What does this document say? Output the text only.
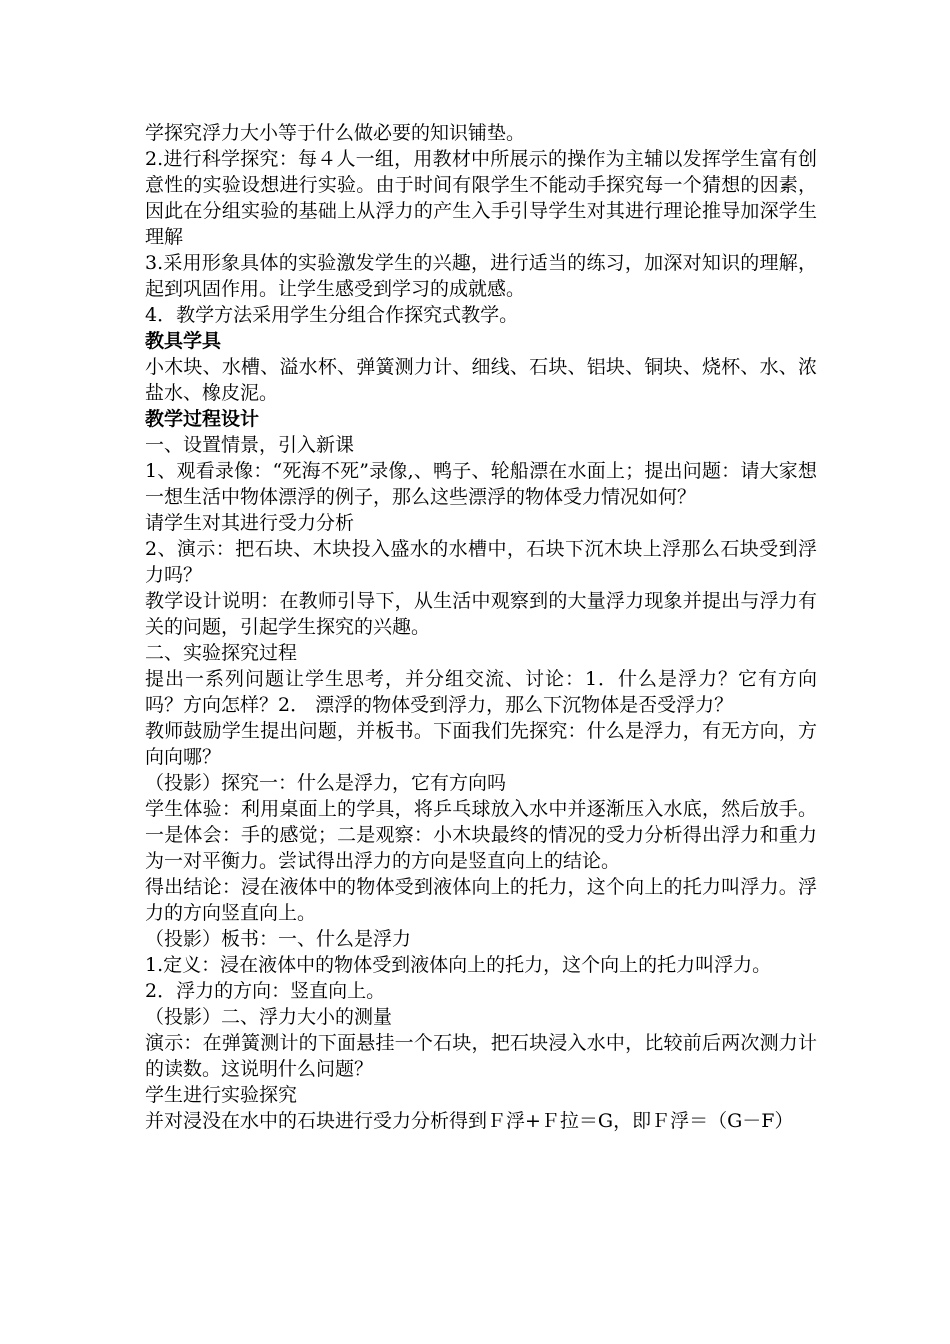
学探究浮力大小等于什么做必要的知识铺垫。

2.进行科学探究：每４人一组，用教材中所展示的操作为主辅以发挥学生富有创意性的实验设想进行实验。由于时间有限学生不能动手探究每一个猜想的因素，因此在分组实验的基础上从浮力的产生入手引导学生对其进行理论推导加深学生理解

3.采用形象具体的实验激发学生的兴趣，进行适当的练习，加深对知识的理解，起到巩固作用。让学生感受到学习的成就感。

4．教学方法采用学生分组合作探究式教学。

教具学具

小木块、水槽、溢水杯、弹簧测力计、细线、石块、铝块、铜块、烧杯、水、浓盐水、橡皮泥。

教学过程设计

一、设置情景，引入新课

1、观看录像：“死海不死”录像,、鸭子、轮船漂在水面上；提出问题：请大家想一想生活中物体漂浮的例子，那么这些漂浮的物体受力情况如何？

请学生对其进行受力分析

2、演示：把石块、木块投入盛水的水槽中，石块下沉木块上浮那么石块受到浮力吗？

教学设计说明：在教师引导下，从生活中观察到的大量浮力现象并提出与浮力有关的问题，引起学生探究的兴趣。

二、实验探究过程

提出一系列问题让学生思考，并分组交流、讨论：1．什么是浮力？它有方向吗？方向怎样？2． 漂浮的物体受到浮力，那么下沉物体是否受浮力？

教师鼓励学生提出问题，并板书。下面我们先探究：什么是浮力，有无方向，方向向哪？

（投影）探究一：什么是浮力，它有方向吗

学生体验：利用桌面上的学具，将乒乓球放入水中并逐渐压入水底，然后放手。一是体会：手的感觉；二是观察：小木块最终的情况的受力分析得出浮力和重力为一对平衡力。尝试得出浮力的方向是竖直向上的结论。

得出结论：浸在液体中的物体受到液体向上的托力，这个向上的托力叫浮力。浮力的方向竖直向上。

（投影）板书：一、什么是浮力

1.定义：浸在液体中的物体受到液体向上的托力，这个向上的托力叫浮力。

2．浮力的方向：竖直向上。

（投影）二、浮力大小的测量

演示：在弹簧测计的下面悬挂一个石块，把石块浸入水中，比较前后两次测力计的读数。这说明什么问题？

学生进行实验探究

并对浸没在水中的石块进行受力分析得到Ｆ浮+Ｆ拉＝G，即Ｆ浮＝（G－F）
